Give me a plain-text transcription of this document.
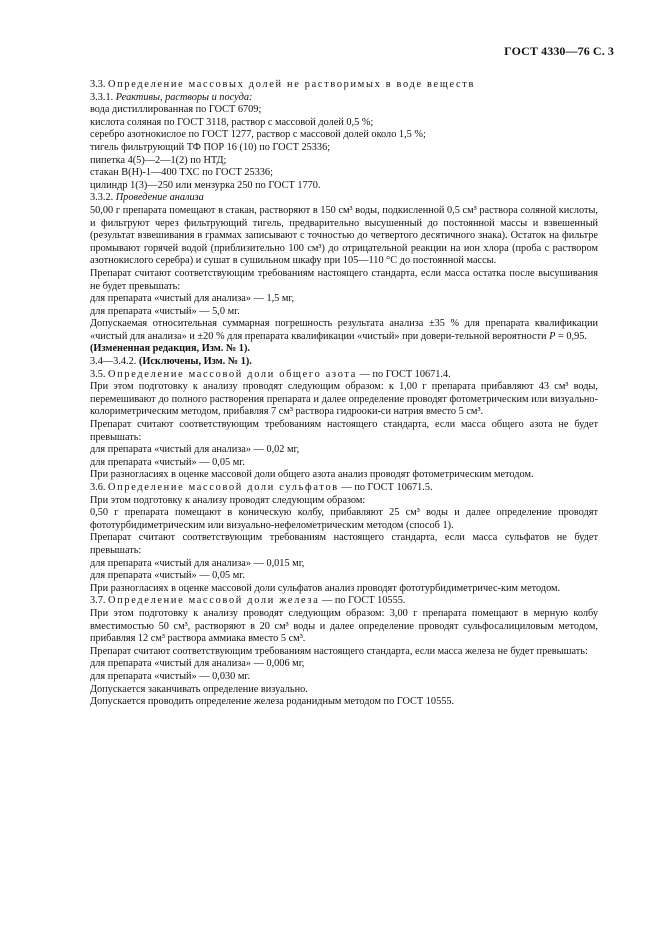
ГОСТ 4330—76 С. 3

3.3. Определение массовых долей не растворимых в воде веществ

3.3.1. Реактивы, растворы и посуда:

вода дистиллированная по ГОСТ 6709;

кислота соляная по ГОСТ 3118, раствор с массовой долей 0,5 %;

серебро азотнокислое по ГОСТ 1277, раствор с массовой долей около 1,5 %;

тигель фильтрующий ТФ ПОР 16 (10) по ГОСТ 25336;

пипетка 4(5)—2—1(2) по НТД;

стакан В(Н)-1—400 ТХС по ГОСТ 25336;

цилиндр 1(3)—250 или мензурка 250 по ГОСТ 1770.

3.3.2. Проведение анализа

50,00 г препарата помещают в стакан, растворяют в 150 см³ воды, подкисленной 0,5 см³ раствора соляной кислоты, и фильтруют через фильтрующий тигель, предварительно высушенный до постоянной массы и взвешенный (результат взвешивания в граммах записывают с точностью до четвертого десятичного знака). Остаток на фильтре промывают горячей водой (приблизительно 100 см³) до отрицательной реакции на ион хлора (проба с раствором азотнокислого серебра) и сушат в сушильном шкафу при 105—110 °С до постоянной массы.

Препарат считают соответствующим требованиям настоящего стандарта, если масса остатка после высушивания не будет превышать:

для препарата «чистый для анализа» — 1,5 мг,

для препарата «чистый» — 5,0 мг.

Допускаемая относительная суммарная погрешность результата анализа ±35 % для препарата квалификации «чистый для анализа» и ±20 % для препарата квалификации «чистый» при довери-тельной вероятности Р = 0,95.

(Измененная редакция, Изм. № 1).

3.4—3.4.2. (Исключены, Изм. № 1).

3.5. Определение массовой доли общего азота — по ГОСТ 10671.4.

При этом подготовку к анализу проводят следующим образом: к 1,00 г препарата прибавляют 43 см³ воды, перемешивают до полного растворения препарата и далее определение проводят фотометрическим или визуально-колориметрическим методом, прибавляя 7 см³ раствора гидрооки-си натрия вместо 5 см³.

Препарат считают соответствующим требованиям настоящего стандарта, если масса общего азота не будет превышать:

для препарата «чистый для анализа» — 0,02 мг,

для препарата «чистый» — 0,05 мг.

При разногласиях в оценке массовой доли общего азота анализ проводят фотометрическим методом.

3.6. Определение массовой доли сульфатов — по ГОСТ 10671.5.

При этом подготовку к анализу проводят следующим образом:

0,50 г препарата помещают в коническую колбу, прибавляют 25 см³ воды и далее определение проводят фототурбидиметрическим или визуально-нефелометрическим методом (способ 1).

Препарат считают соответствующим требованиям настоящего стандарта, если масса сульфатов не будет превышать:

для препарата «чистый для анализа» — 0,015 мг,

для препарата «чистый» — 0,05 мг.

При разногласиях в оценке массовой доли сульфатов анализ проводят фототурбидиметричес-ким методом.

3.7. Определение массовой доли железа — по ГОСТ 10555.

При этом подготовку к анализу проводят следующим образом: 3,00 г препарата помещают в мерную колбу вместимостью 50 см³, растворяют в 20 см³ воды и далее определение проводят сульфосалициловым методом, прибавляя 12 см³ раствора аммиака вместо 5 см³.

Препарат считают соответствующим требованиям настоящего стандарта, если масса железа не будет превышать:

для препарата «чистый для анализа» — 0,006 мг,

для препарата «чистый» — 0,030 мг.

Допускается заканчивать определение визуально.

Допускается проводить определение железа роданидным методом по ГОСТ 10555.
